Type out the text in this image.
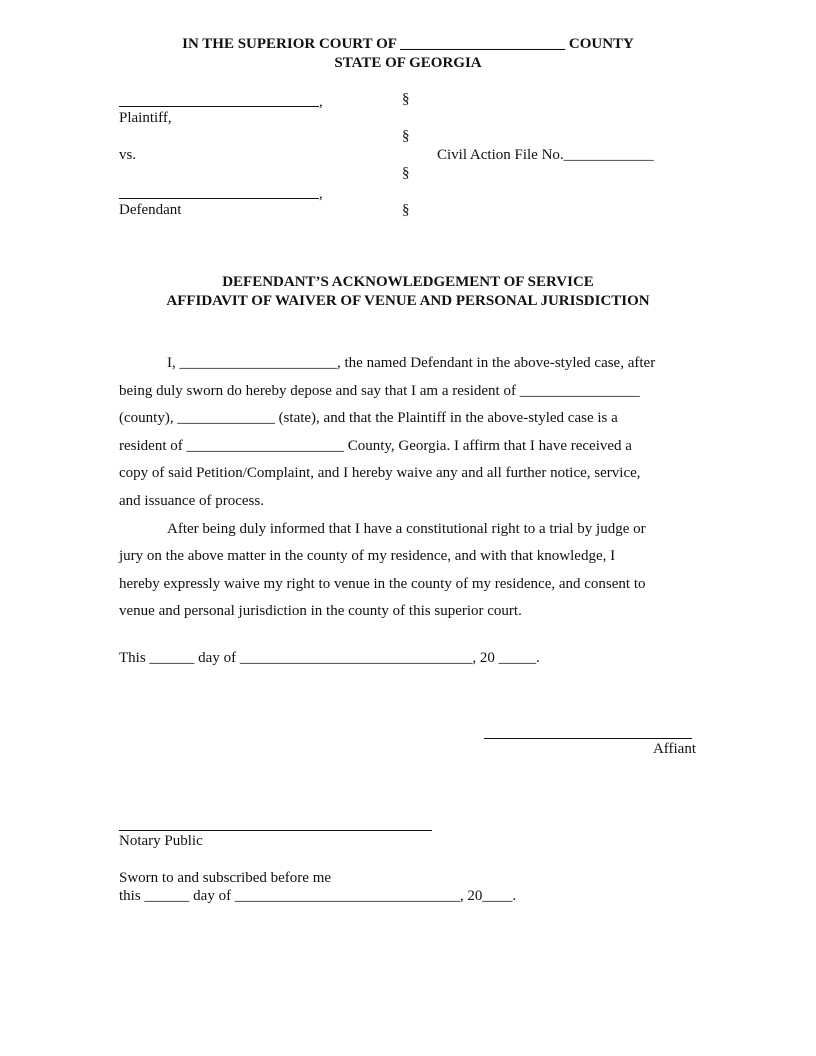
IN THE SUPERIOR COURT OF ______________________ COUNTY
STATE OF GEORGIA
,
Plaintiff,
vs.
,
Defendant
§
§
§
§
Civil Action File No.____________
DEFENDANT’S ACKNOWLEDGEMENT OF SERVICE
AFFIDAVIT OF WAIVER OF VENUE AND PERSONAL JURISDICTION
I, _____________________, the named Defendant in the above-styled case, after
being duly sworn do hereby depose and say that I am a resident of ________________
(county), _____________ (state), and that the Plaintiff in the above-styled case is a
resident of _____________________ County, Georgia. I affirm that I have received a
copy of said Petition/Complaint, and I hereby waive any and all further notice, service,
and issuance of process.
After being duly informed that I have a constitutional right to a trial by judge or
jury on the above matter in the county of my residence, and with that knowledge, I
hereby expressly waive my right to venue in the county of my residence, and consent to
venue and personal jurisdiction in the county of this superior court.
This ______ day of _______________________________, 20 _____.
Affiant
Notary Public
Sworn to and subscribed before me
this ______ day of ______________________________, 20____.
